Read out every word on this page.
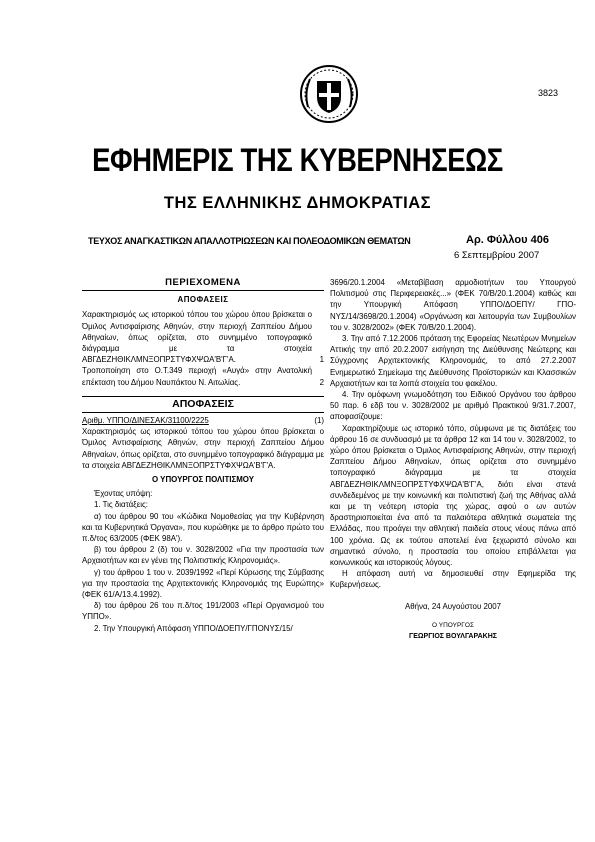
3823
ΕΦΗΜΕΡΙΣ ΤΗΣ ΚΥΒΕΡΝΗΣΕΩΣ
ΤΗΣ ΕΛΛΗΝΙΚΗΣ ΔΗΜΟΚΡΑΤΙΑΣ
ΤΕΥΧΟΣ ΑΝΑΓΚΑΣΤΙΚΩΝ ΑΠΑΛΛΟΤΡΙΩΣΕΩΝ ΚΑΙ ΠΟΛΕΟΔΟΜΙΚΩΝ ΘΕΜΑΤΩΝ	Αρ. Φύλλου 406
6 Σεπτεμβρίου 2007
ΠΕΡΙΕΧΟΜΕΝΑ
ΑΠΟΦΑΣΕΙΣ
Χαρακτηρισμός ως ιστορικού τόπου του χώρου όπου βρίσκεται ο Όμιλος Αντισφαίρισης Αθηνών, στην περιοχή Ζαππείου Δήμου Αθηναίων, όπως ορίζεται, στο συνημμένο τοπογραφικό διάγραμμα με τα στοιχεία ΑΒΓΔΕΖΗΘΙΚΛΜΝΞΟΠΡΣΤΥΦΧΨΩΑ'Β'Γ'Α.	1
Τροποποίηση στο Ο.Τ.349 περιοχή «Αυγά» στην Ανατολική επέκταση του Δήμου Ναυπάκτου Ν. Αιτωλίας.	2
ΑΠΟΦΑΣΕΙΣ
Αριθμ. ΥΠΠΟ/ΔΙΝΕΣΑΚ/31100/2225	(1)

Χαρακτηρισμός ως ιστορικού τόπου του χώρου όπου βρίσκεται ο Όμιλος Αντισφαίρισης Αθηνών, στην περιοχή Ζαππείου Δήμου Αθηναίων, όπως ορίζεται, στο συνημμένο τοπογραφικό διάγραμμα με τα στοιχεία ΑΒΓΔΕΖΗΘΙΚΛΜΝΞΟΠΡΣΤΥΦΧΨΩΑ'Β'Γ'Α.

Ο ΥΠΟΥΡΓΟΣ ΠΟΛΙΤΙΣΜΟΥ

Έχοντας υπόψη:

1. Τις διατάξεις:

α) του άρθρου 90 του «Κώδικα Νομοθεσίας για την Κυβέρνηση και τα Κυβερνητικά Όργανα», που κυρώθηκε με το άρθρο πρώτο του π.δ/τος 63/2005 (ΦΕΚ 98Α').

β) του άρθρου 2 (δ) του ν. 3028/2002 «Για την προστασία των Αρχαιοτήτων και εν γένει της Πολιτιστικής Κληρονομιάς».

γ) του άρθρου 1 του ν. 2039/1992 «Περί Κύρωσης της Σύμβασης για την προστασία της Αρχιτεκτονικής Κληρονομιάς της Ευρώπης» (ΦΕΚ 61/Α/13.4.1992).

δ) του άρθρου 26 του π.δ/τος 191/2003 «Περί Οργανισμού του ΥΠΠΟ».

2. Την Υπουργική Απόφαση ΥΠΠΟ/ΔΟΕΠΥ/ΓΠΟΝΥΣ/15/

3696/20.1.2004 «Μεταβίβαση αρμοδιοτήτων του Υπουργού Πολιτισμού στις Περιφερειακές...» (ΦΕΚ 70/Β/20.1.2004) καθώς και την Υπουργική Απόφαση ΥΠΠΟ/ΔΟΕΠΥ/ ΓΠΟ-ΝΥΣ/14/3698/20.1.2004) «Οργάνωση και λειτουργία των Συμβουλίων του ν. 3028/2002» (ΦΕΚ 70/Β/20.1.2004).

3. Την από 7.12.2006 πρόταση της Εφορείας Νεωτέρων Μνημείων Αττικής την από 20.2.2007 εισήγηση της Διεύθυνσης Νεώτερης και Σύγχρονης Αρχιτεκτονικής Κληρονομιάς, το από 27.2.2007 Ενημερωτικό Σημείωμα της Διεύθυνσης Προϊστορικών και Κλασσικών Αρχαιοτήτων και τα λοιπά στοιχεία του φακέλου.

4. Την ομόφωνη γνωμοδότηση του Ειδικού Οργάνου του άρθρου 50 παρ. 6 εδβ του ν. 3028/2002 με αριθμό Πρακτικού 9/31.7.2007, αποφασίζουμε:

Χαρακτηρίζουμε ως ιστορικό τόπο, σύμφωνα με τις διατάξεις του άρθρου 16 σε συνδυασμό με τα άρθρα 12 και 14 του ν. 3028/2002, το χώρο όπου βρίσκεται ο Όμιλος Αντισφαίρισης Αθηνών, στην περιοχή Ζαππείου Δήμου Αθηναίων, όπως ορίζεται στο συνημμένο τοπογραφικό διάγραμμα με τα στοιχεία ΑΒΓΔΕΖΗΘΙΚΛΜΝΞΟΠΡΣΤΥΦΧΨΩΑ'Β'Γ'Α, διότι είναι στενά συνδεδεμένος με την κοινωνική και πολιτιστική ζωή της Αθήνας αλλά και με τη νεότερη ιστορία της χώρας, αφού ο ων αυτών δραστηριοποιείται ένα από τα παλαιότερα αθλητικά σωματεία της Ελλάδας, που προάγει την αθλητική παιδεία στους νέους πάνω από 100 χρόνια. Ως εκ τούτου αποτελεί ένα ξεχωριστό σύνολο και σημαντικό σύνολο, η προστασία του οποίου επιβάλλεται για κοινωνικούς και ιστορικούς λόγους.

Η απόφαση αυτή να δημοσιευθεί στην Εφημερίδα της Κυβερνήσεως.

Αθήνα, 24 Αυγούστου 2007

Ο ΥΠΟΥΡΓΟΣ

ΓΕΩΡΓΙΟΣ ΒΟΥΛΓΑΡΑΚΗΣ
